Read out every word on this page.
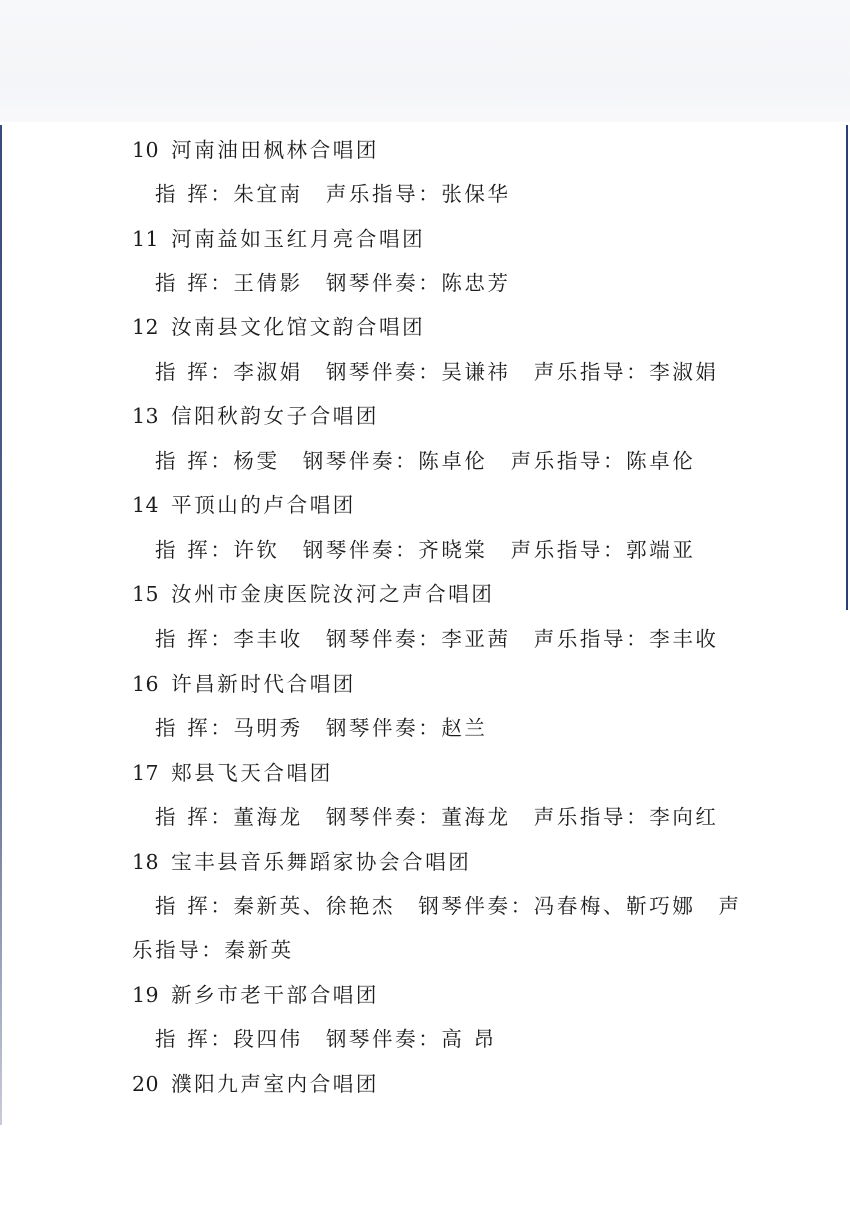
10 河南油田枫林合唱团
指 挥：朱宜南　声乐指导：张保华
11 河南益如玉红月亮合唱团
指 挥：王倩影　钢琴伴奏：陈忠芳
12 汝南县文化馆文韵合唱团
指 挥：李淑娟　钢琴伴奏：吴谦祎　声乐指导：李淑娟
13 信阳秋韵女子合唱团
指 挥：杨雯　钢琴伴奏：陈卓伦　声乐指导：陈卓伦
14 平顶山的卢合唱团
指 挥：许钦　钢琴伴奏：齐晓棠　声乐指导：郭端亚
15 汝州市金庚医院汝河之声合唱团
指 挥：李丰收　钢琴伴奏：李亚茜　声乐指导：李丰收
16 许昌新时代合唱团
指 挥：马明秀　钢琴伴奏：赵兰
17 郏县飞天合唱团
指 挥：董海龙　钢琴伴奏：董海龙　声乐指导：李向红
18 宝丰县音乐舞蹈家协会合唱团
指 挥：秦新英、徐艳杰　钢琴伴奏：冯春梅、靳巧娜　声
乐指导：秦新英
19 新乡市老干部合唱团
指 挥：段四伟　钢琴伴奏：高 昂
20 濮阳九声室内合唱团
